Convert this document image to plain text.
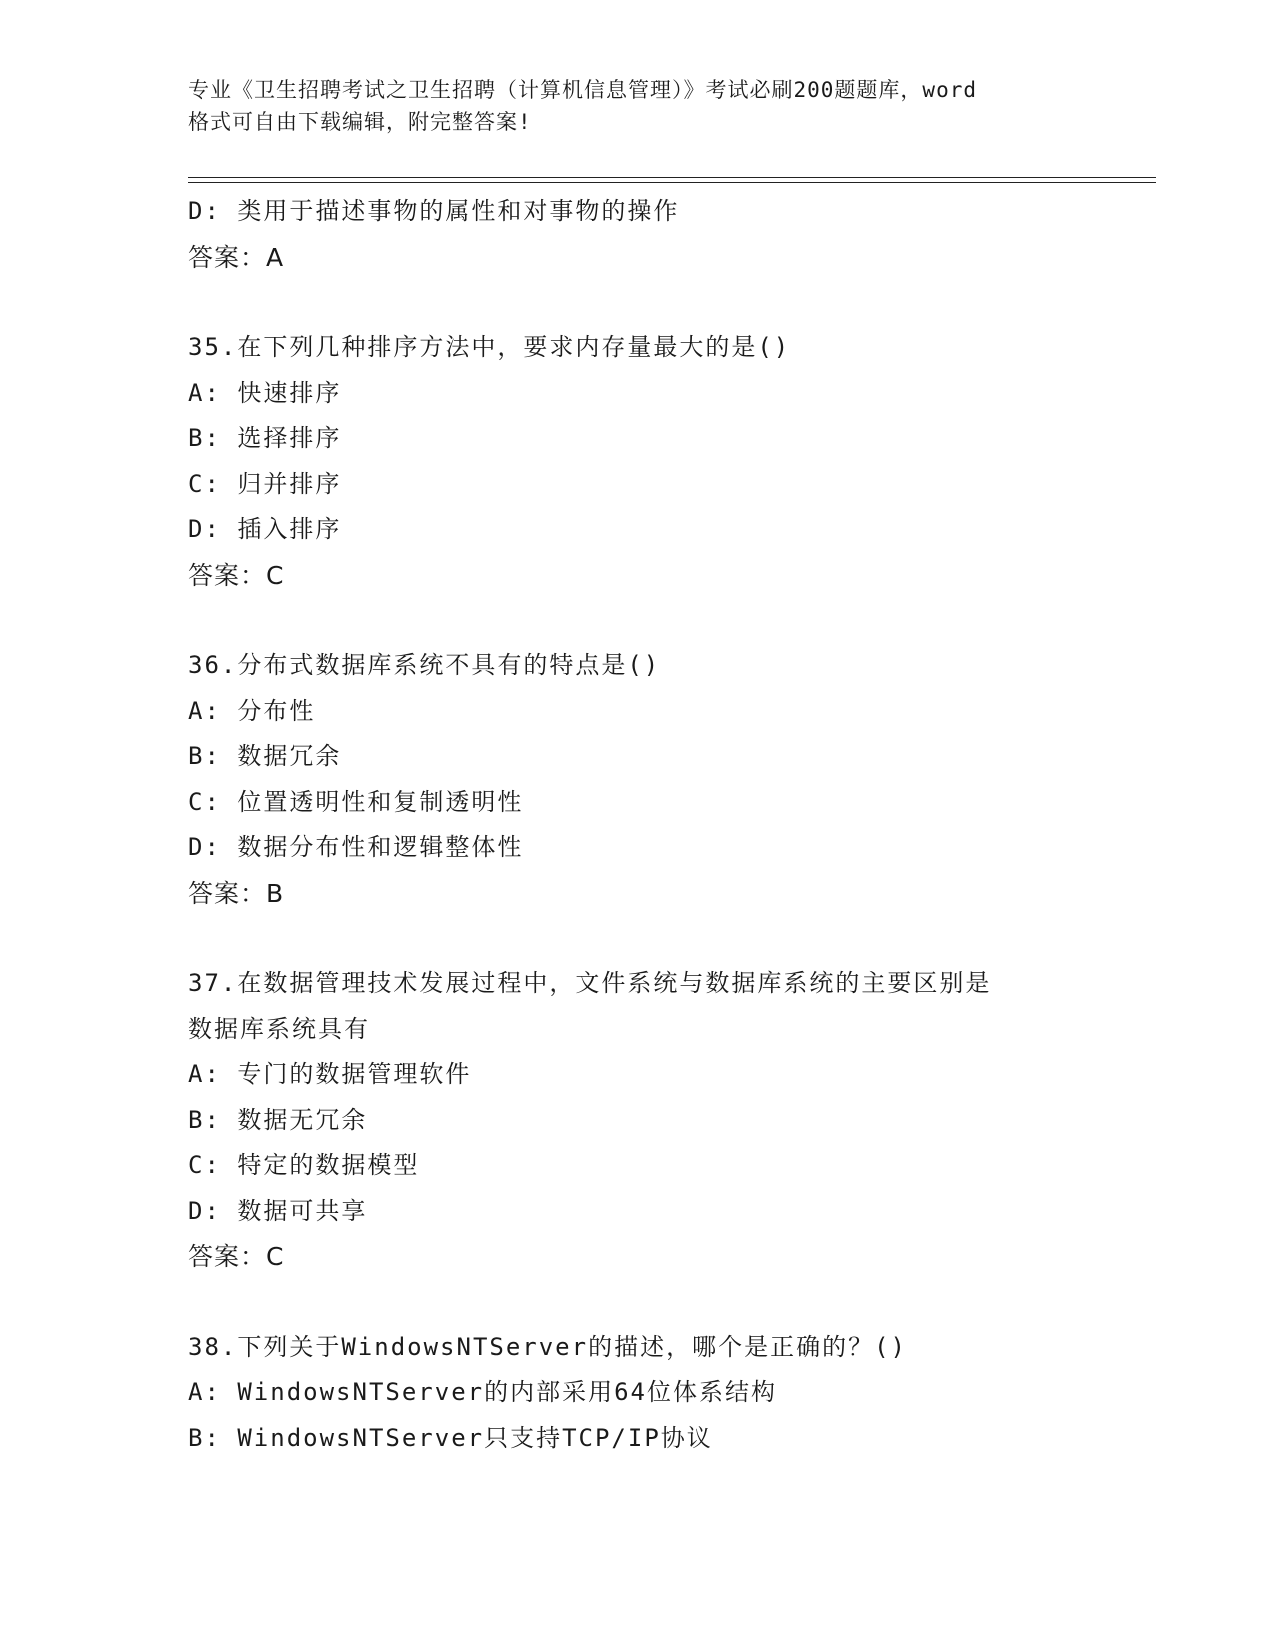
专业《卫生招聘考试之卫生招聘（计算机信息管理）》考试必刷200题题库，word
格式可自由下载编辑，附完整答案!
D: 类用于描述事物的属性和对事物的操作
答案：A
35.在下列几种排序方法中，要求内存量最大的是()
A: 快速排序
B: 选择排序
C: 归并排序
D: 插入排序
答案：C
36.分布式数据库系统不具有的特点是()
A: 分布性
B: 数据冗余
C: 位置透明性和复制透明性
D: 数据分布性和逻辑整体性
答案：B
37.在数据管理技术发展过程中，文件系统与数据库系统的主要区别是
数据库系统具有
A: 专门的数据管理软件
B: 数据无冗余
C: 特定的数据模型
D: 数据可共享
答案：C
38.下列关于WindowsNTServer的描述，哪个是正确的？()
A: WindowsNTServer的内部采用64位体系结构
B: WindowsNTServer只支持TCP/IP协议
